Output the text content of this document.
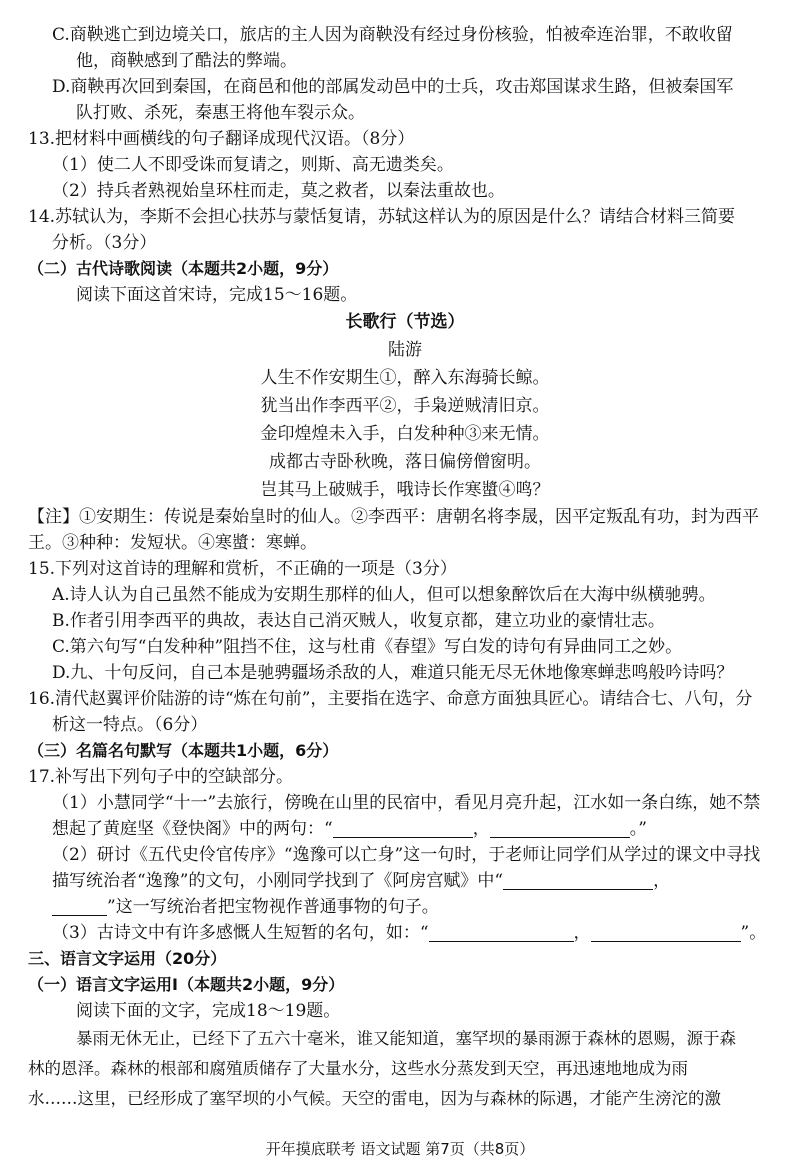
C.商鞅逃亡到边境关口，旅店的主人因为商鞅没有经过身份核验，怕被牵连治罪，不敢收留
他，商鞅感到了酷法的弊端。
D.商鞅再次回到秦国，在商邑和他的部属发动邑中的士兵，攻击郑国谋求生路，但被秦国军
队打败、杀死，秦惠王将他车裂示众。
13.把材料中画横线的句子翻译成现代汉语。（8分）
（1）使二人不即受诛而复请之，则斯、高无遗类矣。
（2）持兵者熟视始皇环柱而走，莫之救者，以秦法重故也。
14.苏轼认为，李斯不会担心扶苏与蒙恬复请，苏轼这样认为的原因是什么？请结合材料三简要
分析。（3分）
（二）古代诗歌阅读（本题共2小题，9分）
阅读下面这首宋诗，完成15～16题。
长歌行（节选）
陆游
人生不作安期生①，醉入东海骑长鲸。
犹当出作李西平②，手枭逆贼清旧京。
金印煌煌未入手，白发种种③来无情。
成都古寺卧秋晚，落日偏傍僧窗明。
岂其马上破贼手，哦诗长作寒螿④鸣？
【注】①安期生：传说是秦始皇时的仙人。②李西平：唐朝名将李晟，因平定叛乱有功，封为西平
王。③种种：发短状。④寒螿：寒蝉。
15.下列对这首诗的理解和赏析，不正确的一项是（3分）
A.诗人认为自己虽然不能成为安期生那样的仙人，但可以想象醉饮后在大海中纵横驰骋。
B.作者引用李西平的典故，表达自己消灭贼人，收复京都，建立功业的豪情壮志。
C.第六句写“白发种种”阻挡不住，这与杜甫《春望》写白发的诗句有异曲同工之妙。
D.九、十句反问，自己本是驰骋疆场杀敌的人，难道只能无尽无休地像寒蝉悲鸣般吟诗吗？
16.清代赵翼评价陆游的诗“炼在句前”，主要指在选字、命意方面独具匠心。请结合七、八句，分
析这一特点。（6分）
（三）名篇名句默写（本题共1小题，6分）
17.补写出下列句子中的空缺部分。
（1）小慧同学“十一”去旅行，傍晚在山里的民宿中，看见月亮升起，江水如一条白练，她不禁
想起了黄庭坚《登快阁》中的两句：“	，	。”
（2）研讨《五代史伶官传序》“逸豫可以亡身”这一句时，于老师让同学们从学过的课文中寻找
描写统治者“逸豫”的文句，小刚同学找到了《阿房宫赋》中“	，
”这一写统治者把宝物视作普通事物的句子。
（3）古诗文中有许多感慨人生短暂的名句，如：“	，	”。
三、语言文字运用（20分）
（一）语言文字运用Ⅰ（本题共2小题，9分）
阅读下面的文字，完成18～19题。
暴雨无休无止，已经下了五六十毫米，谁又能知道，塞罕坝的暴雨源于森林的恩赐，源于森
林的恩泽。森林的根部和腐殖质储存了大量水分，这些水分蒸发到天空，再迅速地地成为雨
水……这里，已经形成了塞罕坝的小气候。天空的雷电，因为与森林的际遇，才能产生滂沱的激
开年摸底联考 语文试题 第7页（共8页）
